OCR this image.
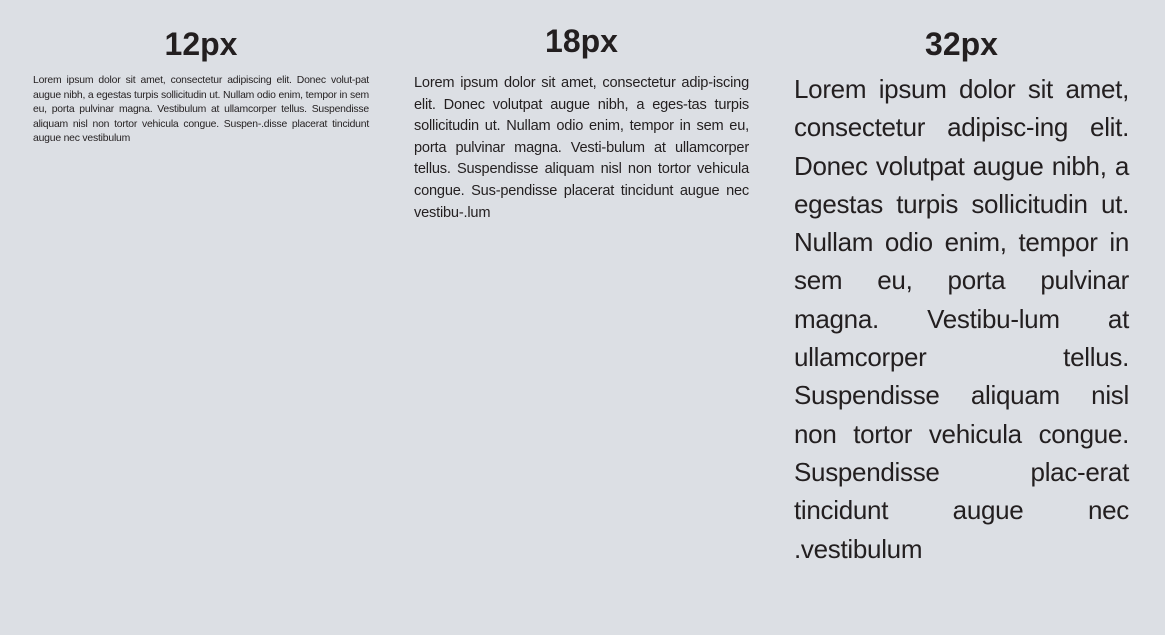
12px

Lorem ipsum dolor sit amet, consectetur adipiscing elit. Donec volut-pat augue nibh, a egestas turpis sollicitudin ut. Nullam odio enim, tempor in sem eu, porta pulvinar magna. Vestibulum at ullamcorper tellus. Suspendisse aliquam nisl non tortor vehicula congue. Suspen-.disse placerat tincidunt augue nec vestibulum

18px

Lorem ipsum dolor sit amet, consectetur adip-iscing elit. Donec volutpat augue nibh, a eges-tas turpis sollicitudin ut. Nullam odio enim, tempor in sem eu, porta pulvinar magna. Vesti-bulum at ullamcorper tellus. Suspendisse aliquam nisl non tortor vehicula congue. Sus-pendisse placerat tincidunt augue nec vestibu-.lum

32px

Lorem ipsum dolor sit amet, consectetur adipisc-ing elit. Donec volutpat augue nibh, a egestas turpis sollicitudin ut. Nullam odio enim, tempor in sem eu, porta pulvinar magna. Vestibu-lum at ullamcorper tellus. Suspendisse aliquam nisl non tortor vehicula congue. Suspendisse plac-erat tincidunt augue nec .vestibulum
